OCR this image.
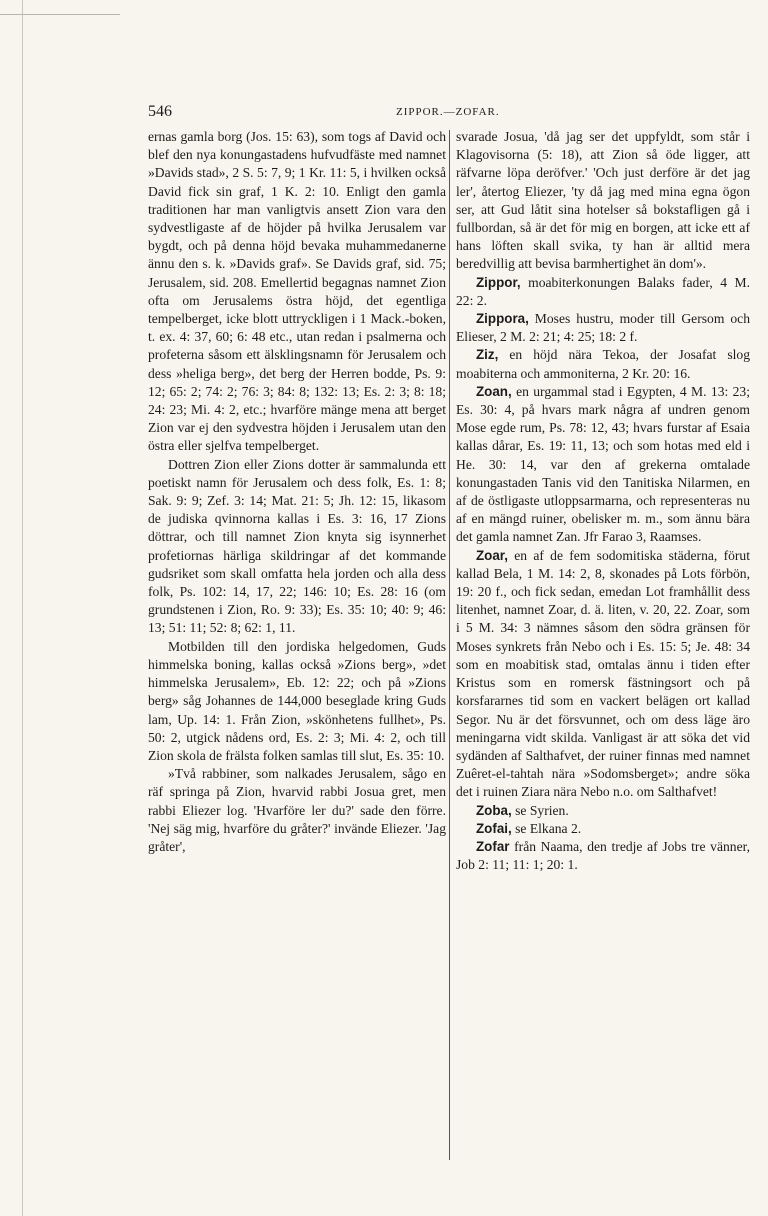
546	ZIPPOR.—ZOFAR.

ernas gamla borg (Jos. 15: 63), som togs af David och blef den nya konungastadens hufvudfäste med namnet »Davids stad», 2 S. 5: 7, 9; 1 Kr. 11: 5, i hvilken också David fick sin graf, 1 K. 2: 10. Enligt den gamla traditionen har man vanligtvis ansett Zion vara den sydvestligaste af de höjder på hvilka Jerusalem var bygdt, och på denna höjd bevaka muhammedanerne ännu den s. k. »Davids graf». Se Davids graf, sid. 75; Jerusalem, sid. 208. Emellertid begagnas namnet Zion ofta om Jerusalems östra höjd, det egentliga tempelberget, icke blott uttryckligen i 1 Mack.-boken, t. ex. 4: 37, 60; 6: 48 etc., utan redan i psalmerna och profeterna såsom ett älsklingsnamn för Jerusalem och dess »heliga berg», det berg der Herren bodde, Ps. 9: 12; 65: 2; 74: 2; 76: 3; 84: 8; 132: 13; Es. 2: 3; 8: 18; 24: 23; Mi. 4: 2, etc.; hvarföre mänge mena att berget Zion var ej den sydvestra höjden i Jerusalem utan den östra eller sjelfva tempelberget.

Dottren Zion eller Zions dotter är sammalunda ett poetiskt namn för Jerusalem och dess folk, Es. 1: 8; Sak. 9: 9; Zef. 3: 14; Mat. 21: 5; Jh. 12: 15, likasom de judiska qvinnorna kallas i Es. 3: 16, 17 Zions döttrar, och till namnet Zion knyta sig isynnerhet profetiornas härliga skildringar af det kommande gudsriket som skall omfatta hela jorden och alla dess folk, Ps. 102: 14, 17, 22; 146: 10; Es. 28: 16 (om grundstenen i Zion, Ro. 9: 33); Es. 35: 10; 40: 9; 46: 13; 51: 11; 52: 8; 62: 1, 11.

Motbilden till den jordiska helgedomen, Guds himmelska boning, kallas också »Zions berg», »det himmelska Jerusalem», Eb. 12: 22; och på »Zions berg» såg Johannes de 144,000 beseglade kring Guds lam, Up. 14: 1. Från Zion, »skönhetens fullhet», Ps. 50: 2, utgick nådens ord, Es. 2: 3; Mi. 4: 2, och till Zion skola de frälsta folken samlas till slut, Es. 35: 10.

»Två rabbiner, som nalkades Jerusalem, sågo en räf springa på Zion, hvarvid rabbi Josua gret, men rabbi Eliezer log. 'Hvarföre ler du?' sade den förre. 'Nej säg mig, hvarföre du gråter?' invände Eliezer. 'Jag gråter',

svarade Josua, 'då jag ser det uppfyldt, som står i Klagovisorna (5: 18), att Zion så öde ligger, att räfvarne löpa deröfver.' 'Och just derföre är det jag ler', återtog Eliezer, 'ty då jag med mina egna ögon ser, att Gud låtit sina hotelser så bokstafligen gå i fullbordan, så är det för mig en borgen, att icke ett af hans löften skall svika, ty han är alltid mera beredvillig att bevisa barmhertighet än dom'».

Zippor, moabiterkonungen Balaks fader, 4 M. 22: 2.

Zippora, Moses hustru, moder till Gersom och Elieser, 2 M. 2: 21; 4: 25; 18: 2 f.

Ziz, en höjd nära Tekoa, der Josafat slog moabiterna och ammoniterna, 2 Kr. 20: 16.

Zoan, en urgammal stad i Egypten, 4 M. 13: 23; Es. 30: 4, på hvars mark några af undren genom Mose egde rum, Ps. 78: 12, 43; hvars furstar af Esaia kallas dårar, Es. 19: 11, 13; och som hotas med eld i He. 30: 14, var den af grekerna omtalade konungastaden Tanis vid den Tanitiska Nilarmen, en af de östligaste utloppsarmarna, och representeras nu af en mängd ruiner, obelisker m. m., som ännu bära det gamla namnet Zan. Jfr Farao 3, Raamses.

Zoar, en af de fem sodomitiska städerna, förut kallad Bela, 1 M. 14: 2, 8, skonades på Lots förbön, 19: 20 f., och fick sedan, emedan Lot framhållit dess litenhet, namnet Zoar, d. ä. liten, v. 20, 22. Zoar, som i 5 M. 34: 3 nämnes såsom den södra gränsen för Moses synkrets från Nebo och i Es. 15: 5; Je. 48: 34 som en moabitisk stad, omtalas ännu i tiden efter Kristus som en romersk fästningsort och på korsfararnes tid som en vackert belägen ort kallad Segor. Nu är det försvunnet, och om dess läge äro meningarna vidt skilda. Vanligast är att söka det vid sydänden af Salthafvet, der ruiner finnas med namnet Zuêret-el-tahtah nära »Sodomsberget»; andre söka det i ruinen Ziara nära Nebo n.o. om Salthafvet!

Zoba, se Syrien.

Zofai, se Elkana 2.

Zofar från Naama, den tredje af Jobs tre vänner, Job 2: 11; 11: 1; 20: 1.
